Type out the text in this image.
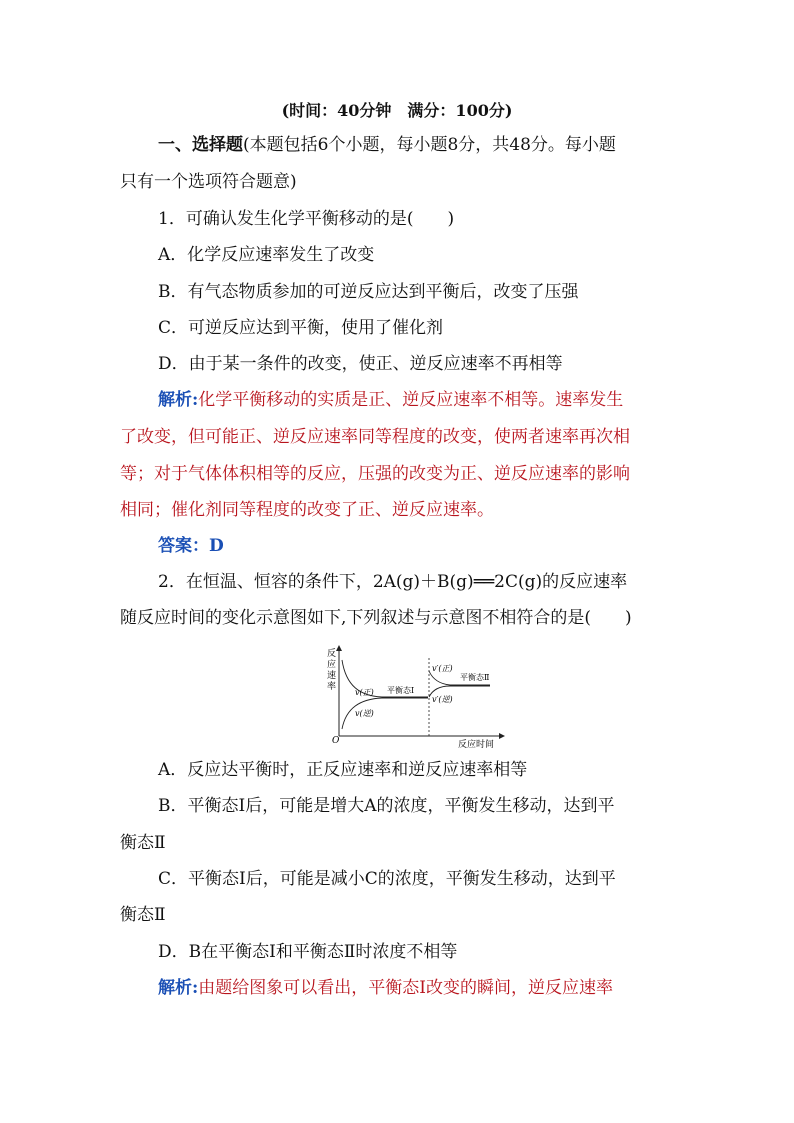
(时间：40分钟　满分：100分)
一、选择题(本题包括6个小题，每小题8分，共48分。每小题
只有一个选项符合题意)
1．可确认发生化学平衡移动的是(　　)
A．化学反应速率发生了改变
B．有气态物质参加的可逆反应达到平衡后，改变了压强
C．可逆反应达到平衡，使用了催化剂
D．由于某一条件的改变，使正、逆反应速率不再相等
解析:化学平衡移动的实质是正、逆反应速率不相等。速率发生
了改变，但可能正、逆反应速率同等程度的改变，使两者速率再次相
等；对于气体体积相等的反应，压强的改变为正、逆反应速率的影响
相同；催化剂同等程度的改变了正、逆反应速率。
答案：D
2．在恒温、恒容的条件下，2A(g)＋B(g)══2C(g)的反应速率
随反应时间的变化示意图如下,下列叙述与示意图不相符合的是(　　)
反
应
速
率
O	反应时间
v(正)
v(逆)
平衡态Ⅰ
v′(正)
平衡态Ⅱ
v′(逆)
A．反应达平衡时，正反应速率和逆反应速率相等
B．平衡态Ⅰ后，可能是增大A的浓度，平衡发生移动，达到平
衡态Ⅱ
C．平衡态Ⅰ后，可能是减小C的浓度，平衡发生移动，达到平
衡态Ⅱ
D．B在平衡态Ⅰ和平衡态Ⅱ时浓度不相等
解析:由题给图象可以看出，平衡态Ⅰ改变的瞬间，逆反应速率
